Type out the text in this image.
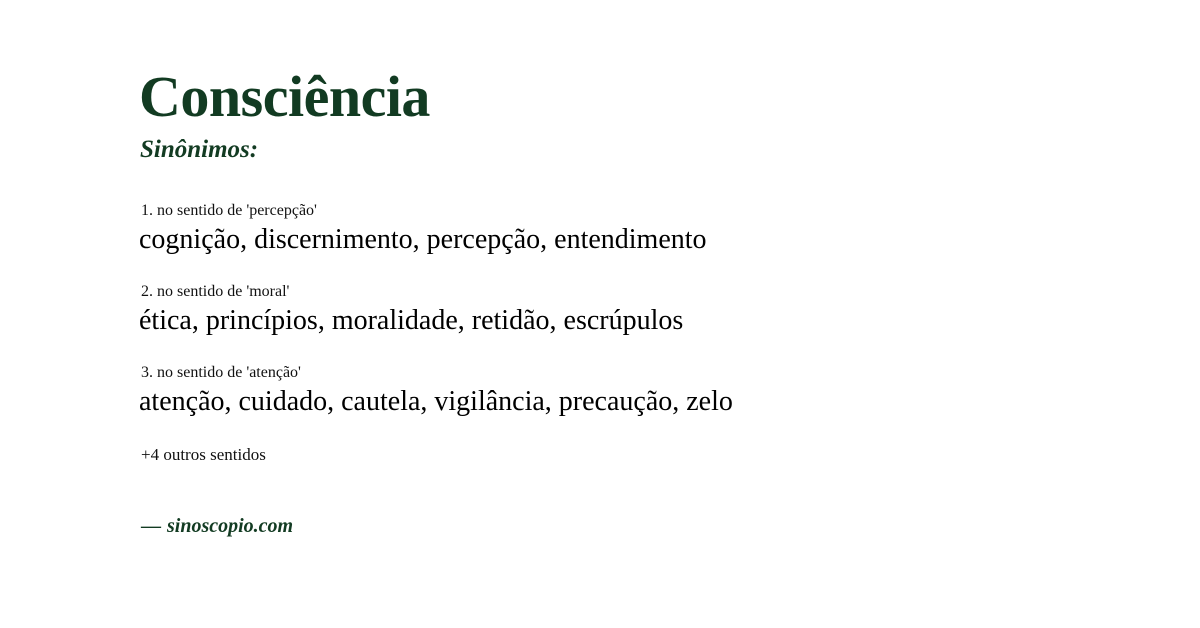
Consciência
Sinônimos:
1. no sentido de 'percepção'
cognição, discernimento, percepção, entendimento
2. no sentido de 'moral'
ética, princípios, moralidade, retidão, escrúpulos
3. no sentido de 'atenção'
atenção, cuidado, cautela, vigilância, precaução, zelo
+4 outros sentidos
— sinoscopio.com
